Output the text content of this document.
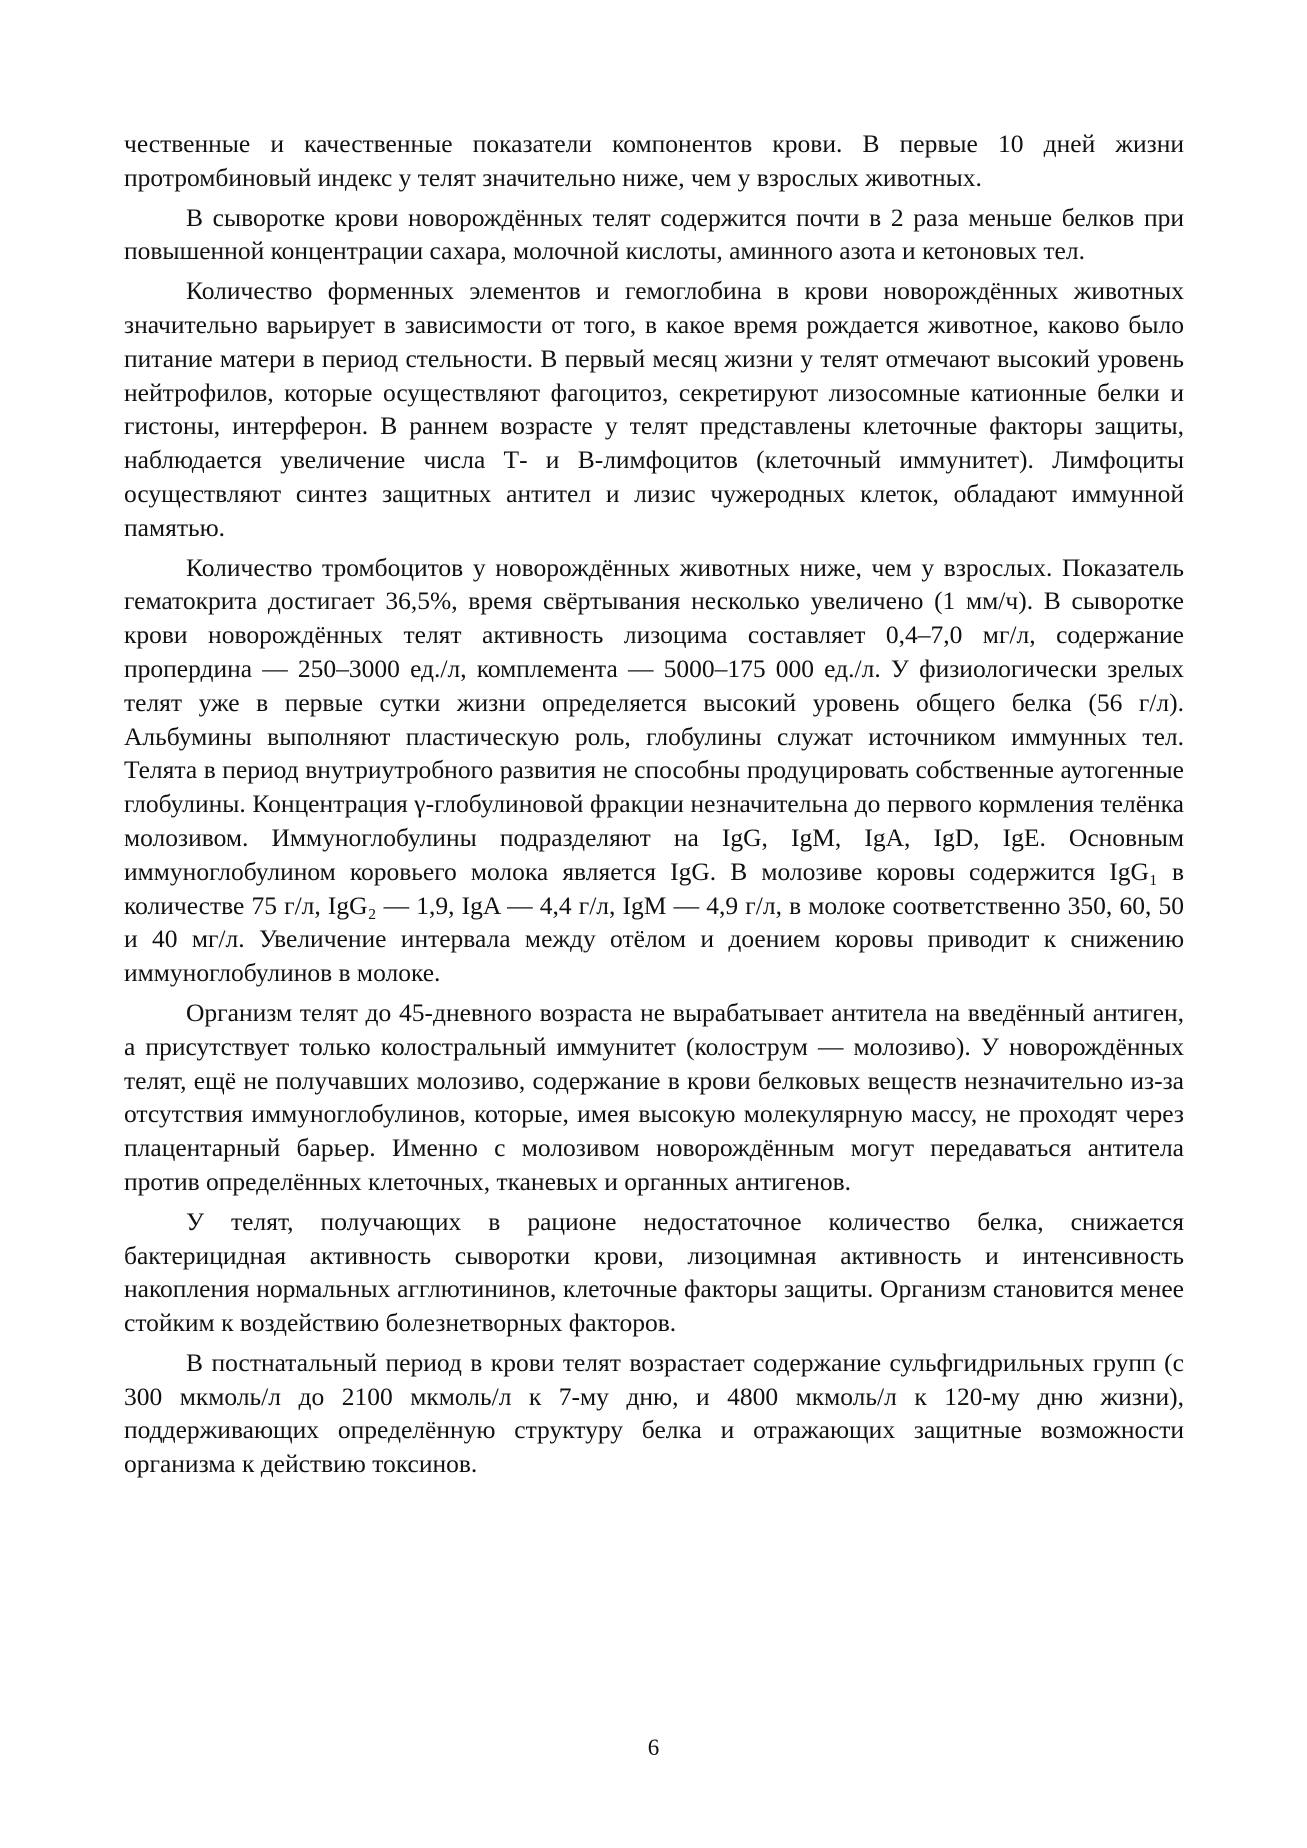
чественные и качественные показатели компонентов крови. В первые 10 дней жизни протромбиновый индекс у телят значительно ниже, чем у взрослых животных.

В сыворотке крови новорождённых телят содержится почти в 2 раза меньше белков при повышенной концентрации сахара, молочной кислоты, аминного азота и кетоновых тел.

Количество форменных элементов и гемоглобина в крови новорождённых животных значительно варьирует в зависимости от того, в какое время рождается животное, каково было питание матери в период стельности. В первый месяц жизни у телят отмечают высокий уровень нейтрофилов, которые осуществляют фагоцитоз, секретируют лизосомные катионные белки и гистоны, интерферон. В раннем возрасте у телят представлены клеточные факторы защиты, наблюдается увеличение числа Т- и В-лимфоцитов (клеточный иммунитет). Лимфоциты осуществляют синтез защитных антител и лизис чужеродных клеток, обладают иммунной памятью.

Количество тромбоцитов у новорождённых животных ниже, чем у взрослых. Показатель гематокрита достигает 36,5%, время свёртывания несколько увеличено (1 мм/ч). В сыворотке крови новорождённых телят активность лизоцима составляет 0,4–7,0 мг/л, содержание пропердина — 250–3000 ед./л, комплемента — 5000–175 000 ед./л. У физиологически зрелых телят уже в первые сутки жизни определяется высокий уровень общего белка (56 г/л). Альбумины выполняют пластическую роль, глобулины служат источником иммунных тел. Телята в период внутриутробного развития не способны продуцировать собственные аутогенные глобулины. Концентрация γ-глобулиновой фракции незначительна до первого кормления телёнка молозивом. Иммуноглобулины подразделяют на IgG, IgM, IgA, IgD, IgE. Основным иммуноглобулином коровьего молока является IgG. В молозиве коровы содержится IgG₁ в количестве 75 г/л, IgG₂ — 1,9, IgA — 4,4 г/л, IgM — 4,9 г/л, в молоке соответственно 350, 60, 50 и 40 мг/л. Увеличение интервала между отёлом и доением коровы приводит к снижению иммуноглобулинов в молоке.

Организм телят до 45-дневного возраста не вырабатывает антитела на введённый антиген, а присутствует только колостральный иммунитет (колострум — молозиво). У новорождённых телят, ещё не получавших молозиво, содержание в крови белковых веществ незначительно из-за отсутствия иммуноглобулинов, которые, имея высокую молекулярную массу, не проходят через плацентарный барьер. Именно с молозивом новорождённым могут передаваться антитела против определённых клеточных, тканевых и органных антигенов.

У телят, получающих в рационе недостаточное количество белка, снижается бактерицидная активность сыворотки крови, лизоцимная активность и интенсивность накопления нормальных агглютининов, клеточные факторы защиты. Организм становится менее стойким к воздействию болезнетворных факторов.

В постнатальный период в крови телят возрастает содержание сульфгидрильных групп (с 300 мкмоль/л до 2100 мкмоль/л к 7-му дню, и 4800 мкмоль/л к 120-му дню жизни), поддерживающих определённую структуру белка и отражающих защитные возможности организма к действию токсинов.

6
